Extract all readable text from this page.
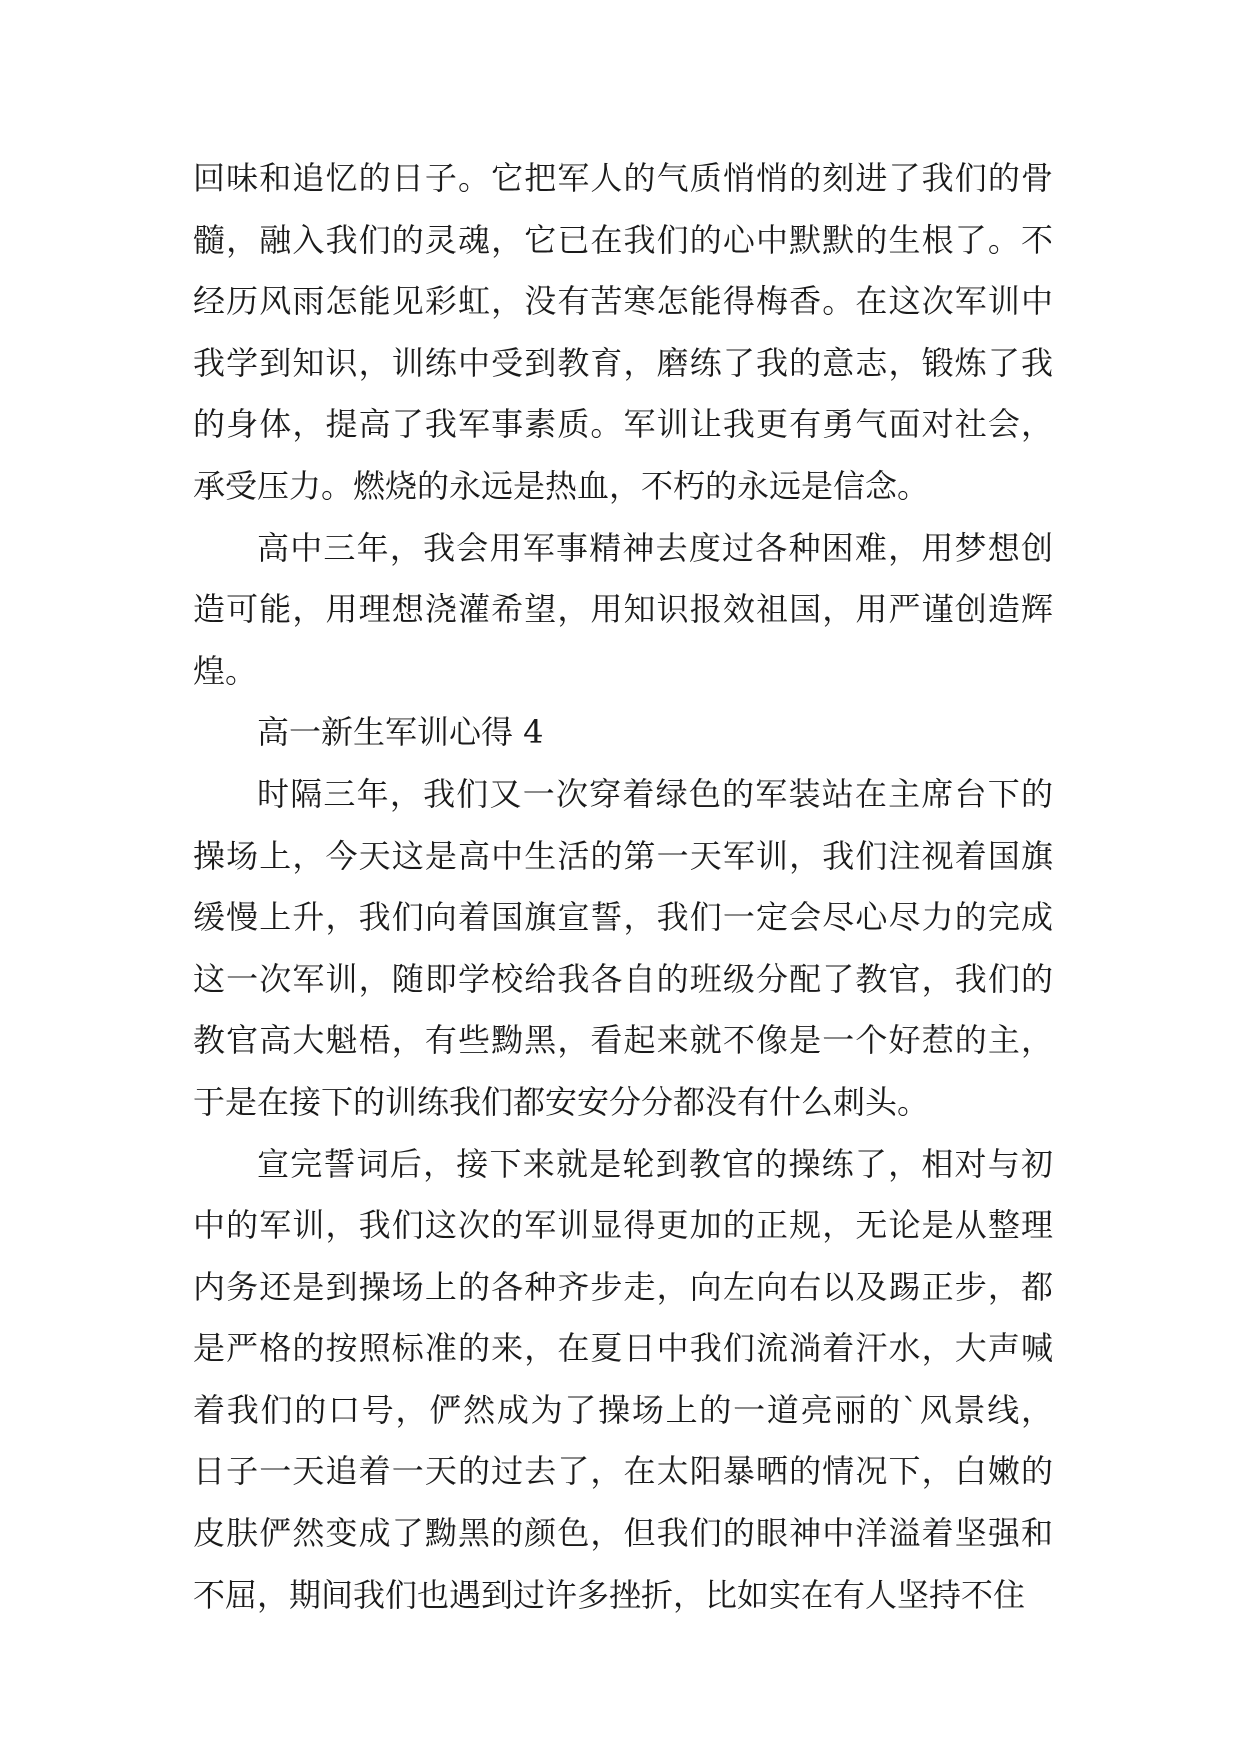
回味和追忆的日子。它把军人的气质悄悄的刻进了我们的骨
髓，融入我们的灵魂，它已在我们的心中默默的生根了。不
经历风雨怎能见彩虹，没有苦寒怎能得梅香。在这次军训中
我学到知识，训练中受到教育，磨练了我的意志，锻炼了我
的身体，提高了我军事素质。军训让我更有勇气面对社会，
承受压力。燃烧的永远是热血，不朽的永远是信念。
高中三年，我会用军事精神去度过各种困难，用梦想创
造可能，用理想浇灌希望，用知识报效祖国，用严谨创造辉
煌。
高一新生军训心得 4
时隔三年，我们又一次穿着绿色的军装站在主席台下的
操场上，今天这是高中生活的第一天军训，我们注视着国旗
缓慢上升，我们向着国旗宣誓，我们一定会尽心尽力的完成
这一次军训，随即学校给我各自的班级分配了教官，我们的
教官高大魁梧，有些黝黑，看起来就不像是一个好惹的主，
于是在接下的训练我们都安安分分都没有什么刺头。
宣完誓词后，接下来就是轮到教官的操练了，相对与初
中的军训，我们这次的军训显得更加的正规，无论是从整理
内务还是到操场上的各种齐步走，向左向右以及踢正步，都
是严格的按照标准的来，在夏日中我们流淌着汗水，大声喊
着我们的口号，俨然成为了操场上的一道亮丽的`风景线，
日子一天追着一天的过去了，在太阳暴晒的情况下，白嫩的
皮肤俨然变成了黝黑的颜色，但我们的眼神中洋溢着坚强和
不屈，期间我们也遇到过许多挫折，比如实在有人坚持不住
